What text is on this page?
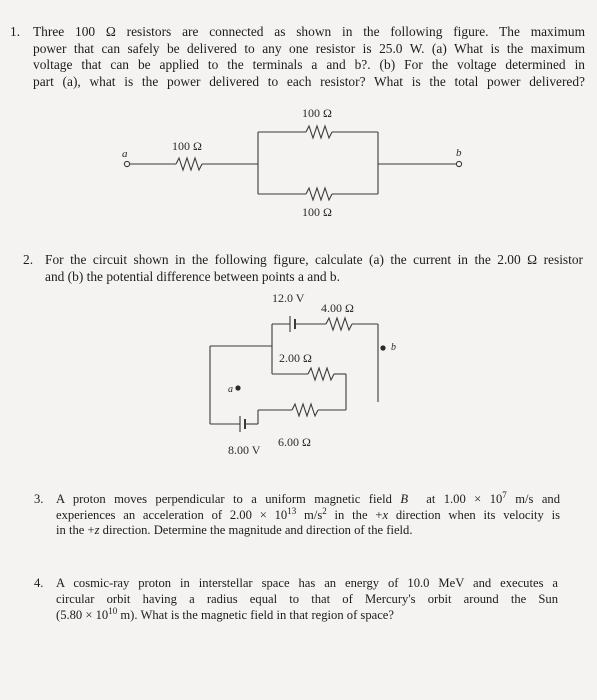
1. Three 100 Ω resistors are connected as shown in the following figure. The maximum
power that can safely be delivered to any one resistor is 25.0 W. (a) What is the maximum
voltage that can be applied to the terminals a and b?. (b) For the voltage determined in
part (a), what is the power delivered to each resistor? What is the total power delivered?
a	b
100 Ω
100 Ω
100 Ω
2. For the circuit shown in the following figure, calculate (a) the current in the 2.00 Ω resistor
and (b) the potential difference between points a and b.
a
b
12.0 V
4.00 Ω
2.00 Ω
6.00 Ω
8.00 V
3. A proton moves perpendicular to a uniform magnetic field B⃗ at $1.00 \times 10^7$ m/s and
experiences an acceleration of $2.00 \times 10^{13}$ $m/s^2$ in the +x direction when its velocity is
in the +z direction. Determine the magnitude and direction of the field.
4. A cosmic-ray proton in interstellar space has an energy of 10.0 MeV and executes a
circular orbit having a radius equal to that of Mercury's orbit around the Sun
($5.80 \times 10^{10}$ m). What is the magnetic field in that region of space?
